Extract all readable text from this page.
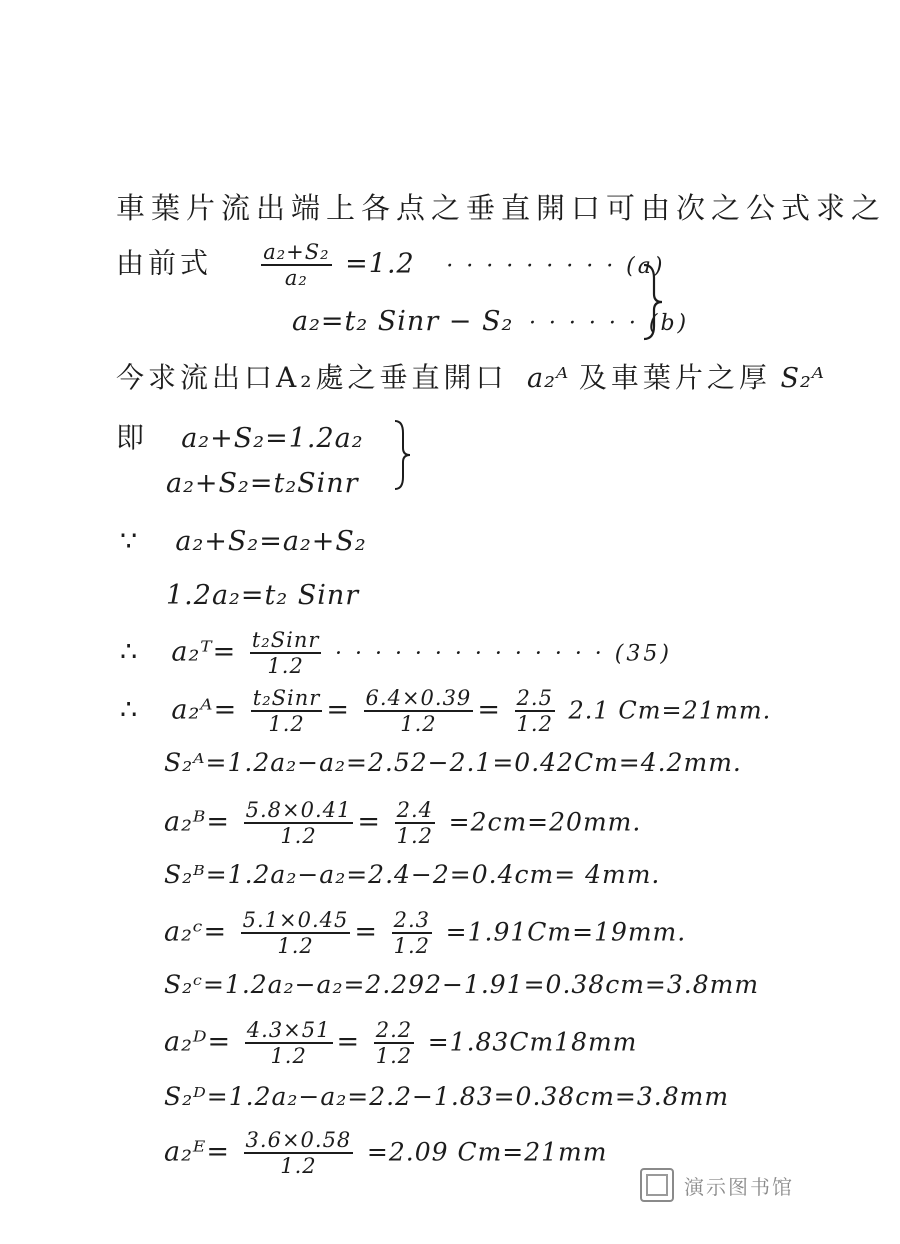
車葉片流出端上各点之垂直開口可由次之公式求之
由前式 $\frac{\text{a₂+S₂}}{\text{a₂}} =1.2$ · · · · · · · · · (a)
a₂=t₂ Sinr − S₂ · · · · · · (b)
今求流出口A₂處之垂直開口 a₂ᴬ 及車葉片之厚 S₂ᴬ
即 a₂+S₂=1.2a₂
a₂+S₂=t₂Sinr
∵ a₂+S₂=a₂+S₂
1.2a₂=t₂ Sinr
∴ a₂ᵀ= $\frac{\text{t₂Sinr}}{1.2}$ · · · · · · · · · · · · · · (35)
∴ a₂ᴬ= $\frac{\text{t₂Sinr}}{1.2} = \frac{6.4\times 0.39}{1.2} = \frac{2.5}{1.2} 2.1$ Cm=21mm.
S₂ᴬ=1.2a₂−a₂=2.52−2.1=0.42Cm=4.2mm.
a₂ᴮ= $\frac{5.8\times 0.41}{1.2} = \frac{2.4}{1.2} =2cm=20mm$.
S₂ᴮ=1.2a₂−a₂=2.4−2=0.4cm= 4mm.
a₂ᶜ= $\frac{5.1\times 0.45}{1.2} = \frac{2.3}{1.2} =1.91Cm=19mm$.
S₂ᶜ=1.2a₂−a₂=2.292−1.91=0.38cm=3.8mm
a₂ᴰ= $\frac{4.3\times 51}{1.2} = \frac{2.2}{1.2} =1.83Cm18mm$
S₂ᴰ=1.2a₂−a₂=2.2−1.83=0.38cm=3.8mm
a₂ᴱ= $\frac{3.6\times 0.58}{1.2} =2.09$ Cm=21mm
演示图书馆
